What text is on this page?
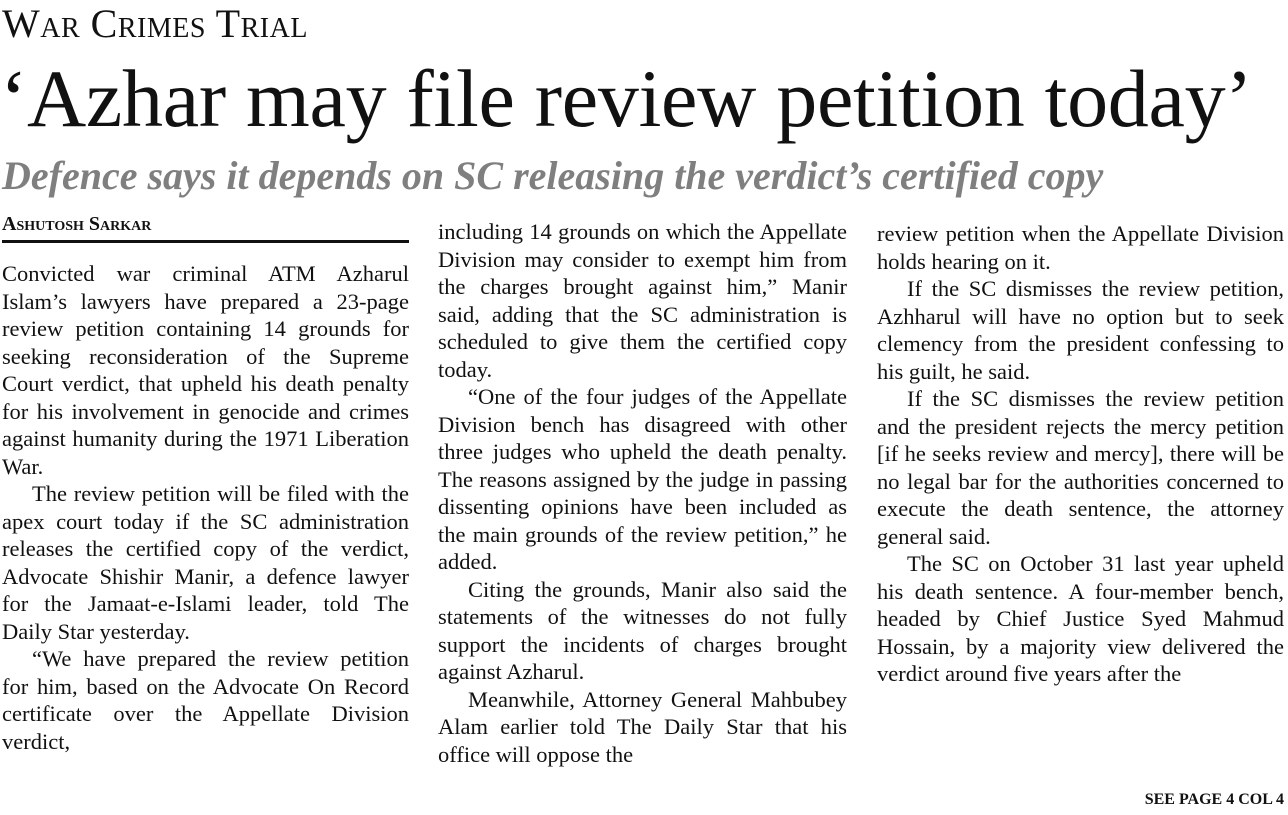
War Crimes Trial
‘Azhar may file review petition today’
Defence says it depends on SC releasing the verdict’s certified copy
Ashutosh Sarkar

Convicted war criminal ATM Azharul Islam’s lawyers have prepared a 23-page review petition containing 14 grounds for seeking reconsideration of the Supreme Court verdict, that upheld his death penalty for his involvement in genocide and crimes against humanity during the 1971 Liberation War.

The review petition will be filed with the apex court today if the SC administration releases the certified copy of the verdict, Advocate Shishir Manir, a defence lawyer for the Jamaat-e-Islami leader, told The Daily Star yesterday.

“We have prepared the review petition for him, based on the Advocate On Record certificate over the Appellate Division verdict,

including 14 grounds on which the Appellate Division may consider to exempt him from the charges brought against him,” Manir said, adding that the SC administration is scheduled to give them the certified copy today.

“One of the four judges of the Appellate Division bench has disagreed with other three judges who upheld the death penalty. The reasons assigned by the judge in passing dissenting opinions have been included as the main grounds of the review petition,” he added.

Citing the grounds, Manir also said the statements of the witnesses do not fully support the incidents of charges brought against Azharul.

Meanwhile, Attorney General Mahbubey Alam earlier told The Daily Star that his office will oppose the

review petition when the Appellate Division holds hearing on it.

If the SC dismisses the review petition, Azhharul will have no option but to seek clemency from the president confessing to his guilt, he said.

If the SC dismisses the review petition and the president rejects the mercy petition [if he seeks review and mercy], there will be no legal bar for the authorities concerned to execute the death sentence, the attorney general said.

The SC on October 31 last year upheld his death sentence. A four-member bench, headed by Chief Justice Syed Mahmud Hossain, by a majority view delivered the verdict around five years after the

SEE PAGE 4 COL 4
